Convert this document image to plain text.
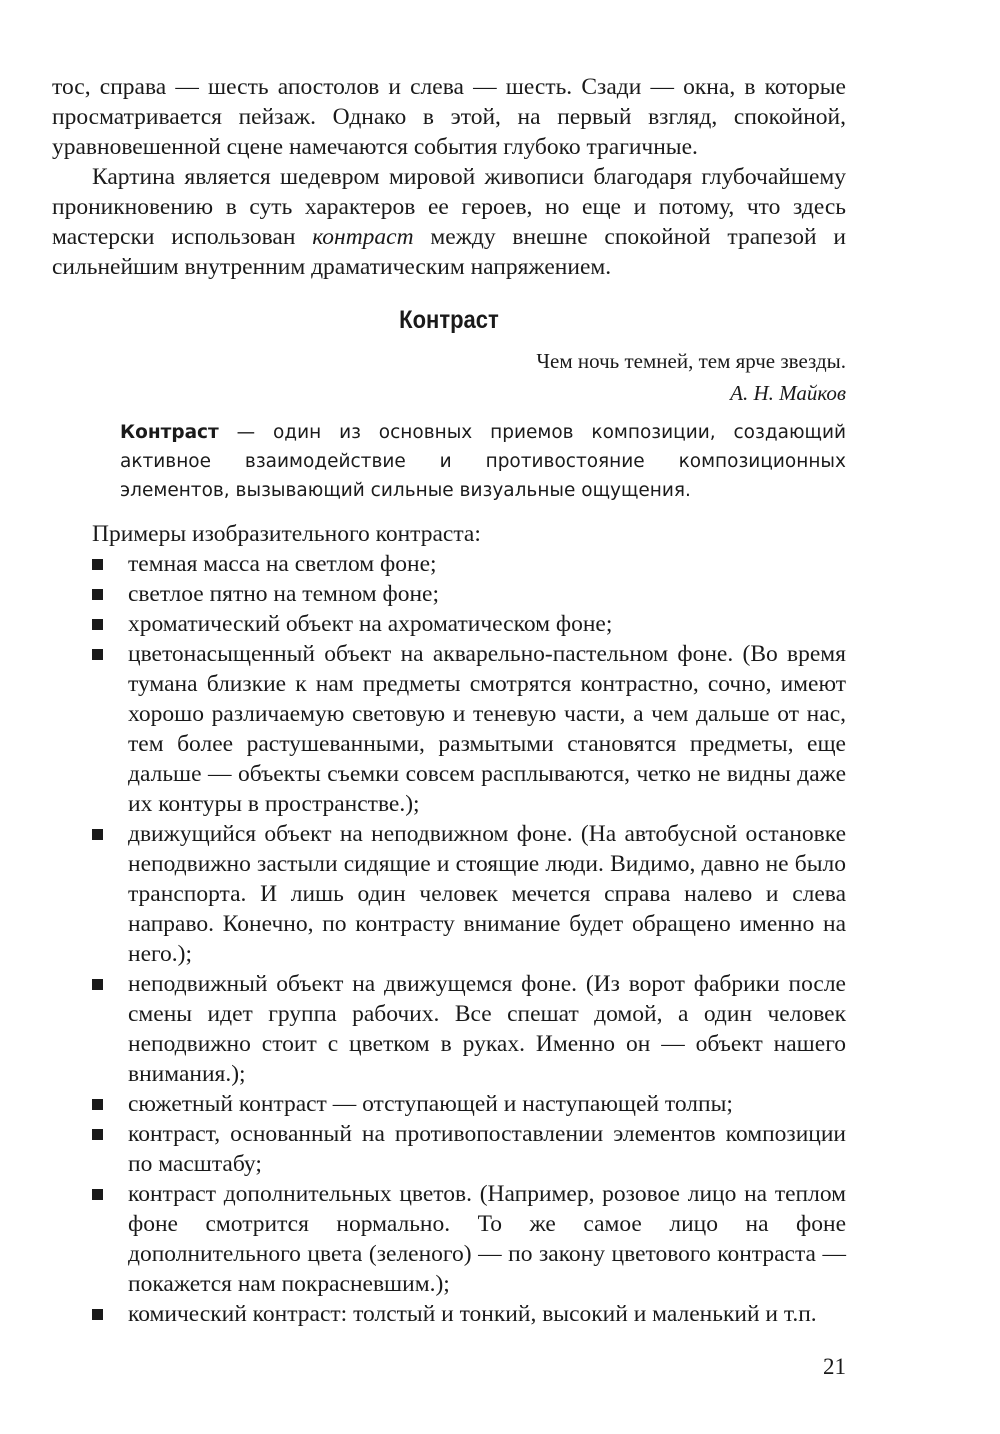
тос, справа — шесть апостолов и слева — шесть. Сзади — окна, в которые просматривается пейзаж. Однако в этой, на первый взгляд, спокойной, уравновешенной сцене намечаются события глубоко трагичные.

Картина является шедевром мировой живописи благодаря глубочайшему проникновению в суть характеров ее героев, но еще и потому, что здесь мастерски использован контраст между внешне спокойной трапезой и сильнейшим внутренним драматическим напряжением.

Контраст
Чем ночь темней, тем ярче звезды.
А. Н. Майков
Контраст — один из основных приемов композиции, создающий активное взаимодействие и противостояние композиционных элементов, вызывающий сильные визуальные ощущения.

Примеры изобразительного контраста:

темная масса на светлом фоне;
светлое пятно на темном фоне;
хроматический объект на ахроматическом фоне;
цветонасыщенный объект на акварельно-пастельном фоне. (Во время тумана близкие к нам предметы смотрятся контрастно, сочно, имеют хорошо различаемую световую и теневую части, а чем дальше от нас, тем более растушеванными, размытыми становятся предметы, еще дальше — объекты съемки совсем расплываются, четко не видны даже их контуры в пространстве.);
движущийся объект на неподвижном фоне. (На автобусной остановке неподвижно застыли сидящие и стоящие люди. Видимо, давно не было транспорта. И лишь один человек мечется справа налево и слева направо. Конечно, по контрасту внимание будет обращено именно на него.);
неподвижный объект на движущемся фоне. (Из ворот фабрики после смены идет группа рабочих. Все спешат домой, а один человек неподвижно стоит с цветком в руках. Именно он — объект нашего внимания.);
сюжетный контраст — отступающей и наступающей толпы;
контраст, основанный на противопоставлении элементов композиции по масштабу;
контраст дополнительных цветов. (Например, розовое лицо на теплом фоне смотрится нормально. То же самое лицо на фоне дополнительного цвета (зеленого) — по закону цветового контраста — покажется нам покрасневшим.);
комический контраст: толстый и тонкий, высокий и маленький и т.п.
21
